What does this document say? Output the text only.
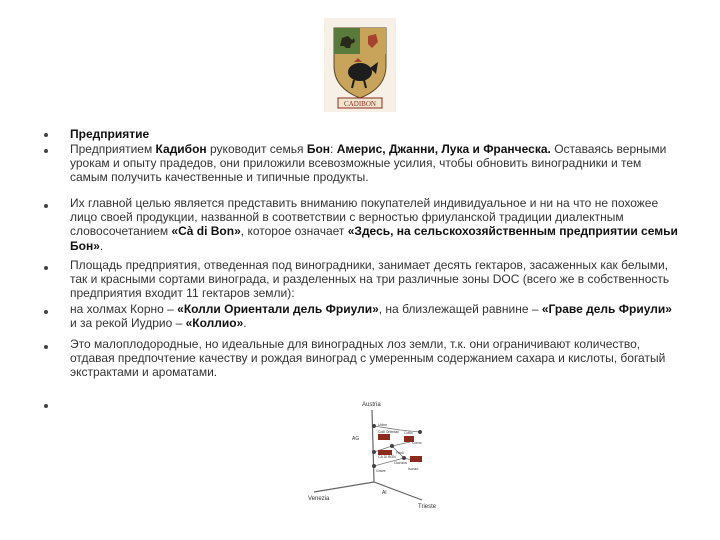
CADIBON
Предприятие
Предприятием Кадибон руководит семья Бон: Америс, Джанни, Лука и Франческа. Оставаясь верными урокам и опыту прадедов, они приложили всевозможные усилия, чтобы обновить виноградники и тем самым получить качественные и типичные продукты.
Их главной целью является представить вниманию покупателей индивидуальное и ни на что не похожее лицо своей продукции, названной в соответствии с верностью фриуланской традиции диалектным словосочетанием «Cà di Bon», которое означает «Здесь, на сельскохозяйственным предприятии семьи Бон».
Площадь предприятия, отведенная под виноградники, занимает десять гектаров, засаженных как белыми, так и красными сортами винограда, и разделенных на три различные зоны DOC (всего же в собственность предприятия входит 11 гектаров земли):
на холмах Корно – «Колли Ориентали дель Фриули», на близлежащей равнине – «Граве дель Фриули» и за рекой Иудрио – «Коллио».
Это малоплодородные, но идеальные для виноградных лоз земли, т.к. они ограничивают количество, отдавая предпочтение качеству и рождая виноград с умеренным содержанием сахара и кислоты, богатый экстрактами и ароматами.
Austria
Venezia
Trieste
AG
Al
Gorizia
CA DI BON
Udine
Colli Orientali Collio
Grave
Corno
Friuli
Isonzo
